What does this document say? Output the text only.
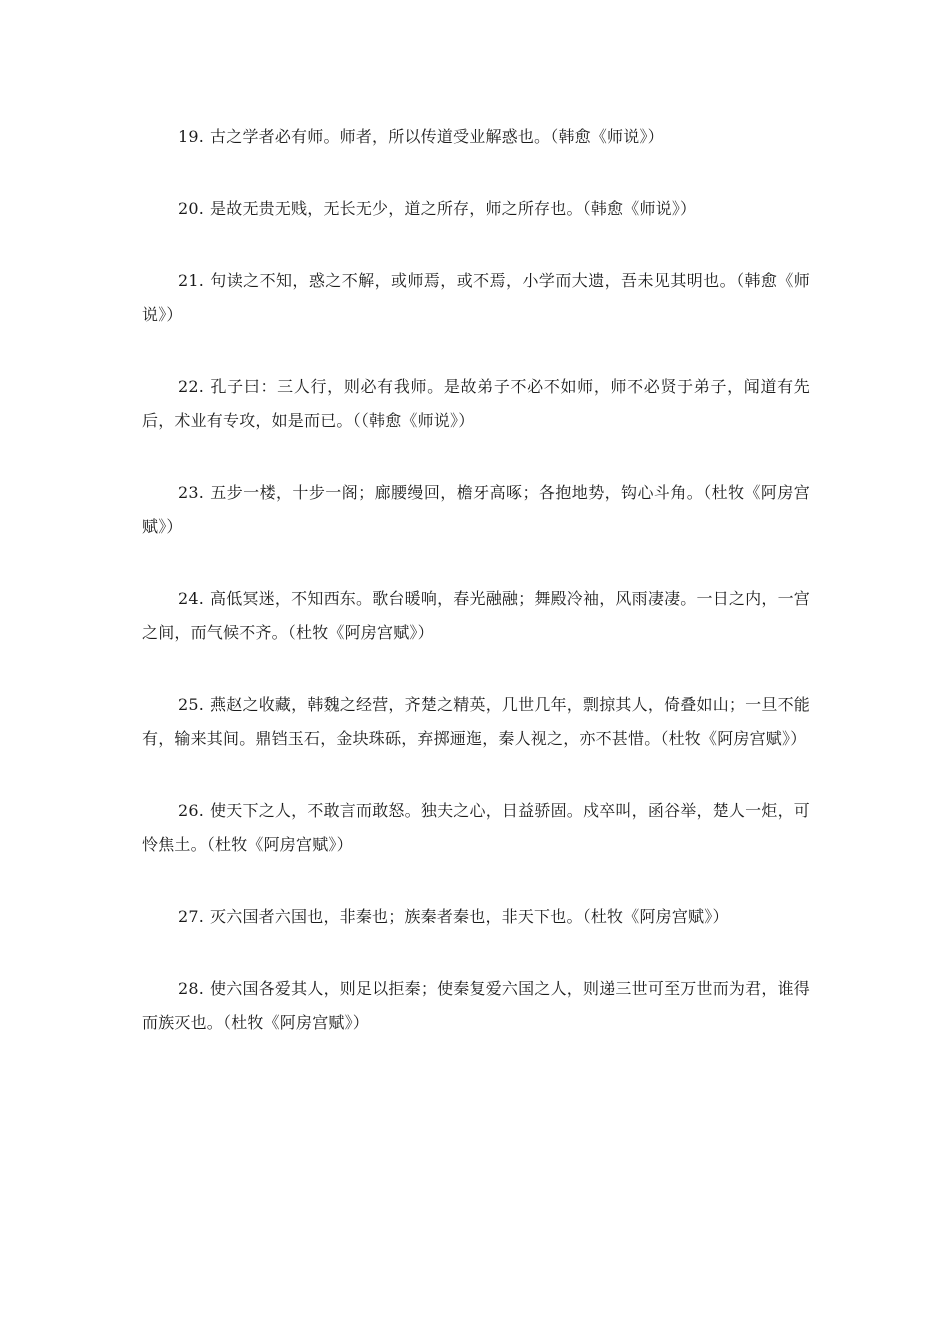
19. 古之学者必有师。师者，所以传道受业解惑也。（韩愈《师说》）

20. 是故无贵无贱，无长无少，道之所存，师之所存也。（韩愈《师说》）

21. 句读之不知，惑之不解，或师焉，或不焉，小学而大遗，吾未见其明也。（韩愈《师说》）

22. 孔子曰：三人行，则必有我师。是故弟子不必不如师，师不必贤于弟子，闻道有先后，术业有专攻，如是而已。（（韩愈《师说》）

23. 五步一楼，十步一阁；廊腰缦回，檐牙高啄；各抱地势，钩心斗角。（杜牧《阿房宫赋》）

24. 高低冥迷，不知西东。歌台暖响，春光融融；舞殿冷袖，风雨凄凄。一日之内，一宫之间，而气候不齐。（杜牧《阿房宫赋》）

25. 燕赵之收藏，韩魏之经营，齐楚之精英，几世几年，剽掠其人，倚叠如山；一旦不能有，输来其间。鼎铛玉石，金块珠砾，弃掷逦迤，秦人视之，亦不甚惜。（杜牧《阿房宫赋》）

26. 使天下之人，不敢言而敢怒。独夫之心，日益骄固。戍卒叫，函谷举，楚人一炬，可怜焦土。（杜牧《阿房宫赋》）

27. 灭六国者六国也，非秦也；族秦者秦也，非天下也。（杜牧《阿房宫赋》）

28. 使六国各爱其人，则足以拒秦；使秦复爱六国之人，则递三世可至万世而为君，谁得而族灭也。（杜牧《阿房宫赋》）
